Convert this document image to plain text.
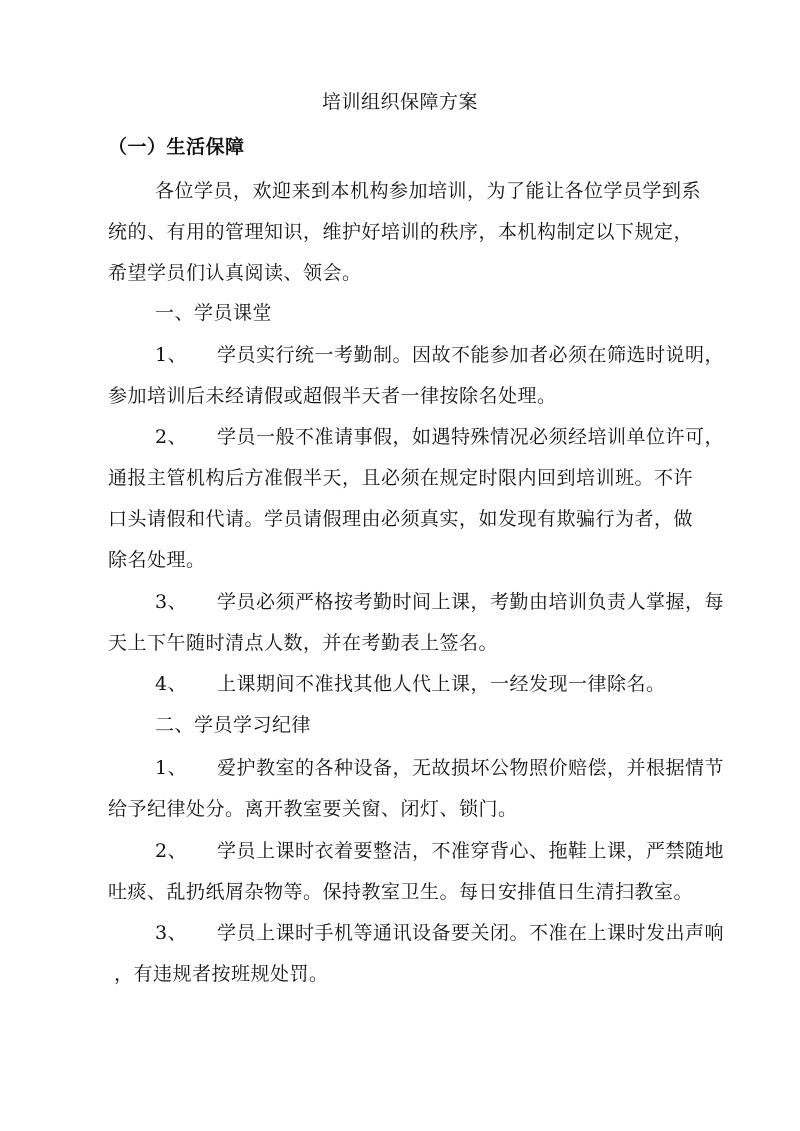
培训组织保障方案
（一）生活保障
各位学员，欢迎来到本机构参加培训，为了能让各位学员学到系
统的、有用的管理知识，维护好培训的秩序，本机构制定以下规定，
希望学员们认真阅读、领会。
一、学员课堂
1、 学员实行统一考勤制。因故不能参加者必须在筛选时说明，
参加培训后未经请假或超假半天者一律按除名处理。
2、 学员一般不准请事假，如遇特殊情况必须经培训单位许可，
通报主管机构后方准假半天，且必须在规定时限内回到培训班。不许
口头请假和代请。学员请假理由必须真实，如发现有欺骗行为者，做
除名处理。
3、 学员必须严格按考勤时间上课，考勤由培训负责人掌握，每
天上下午随时清点人数，并在考勤表上签名。
4、 上课期间不准找其他人代上课，一经发现一律除名。
二、学员学习纪律
1、 爱护教室的各种设备，无故损坏公物照价赔偿，并根据情节
给予纪律处分。离开教室要关窗、闭灯、锁门。
2、 学员上课时衣着要整洁，不准穿背心、拖鞋上课，严禁随地
吐痰、乱扔纸屑杂物等。保持教室卫生。每日安排值日生清扫教室。
3、 学员上课时手机等通讯设备要关闭。不准在上课时发出声响
，有违规者按班规处罚。
